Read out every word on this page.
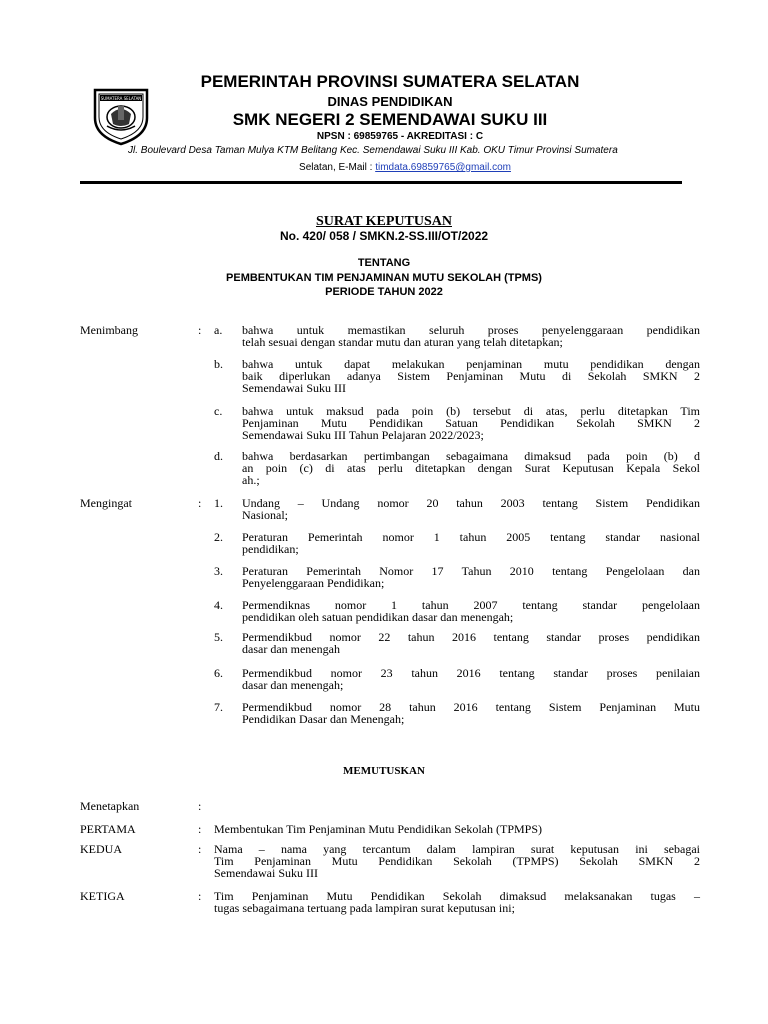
SUMATERA SELATAN
PEMERINTAH PROVINSI SUMATERA SELATAN
DINAS PENDIDIKAN
SMK NEGERI 2 SEMENDAWAI SUKU III
NPSN : 69859765 - AKREDITASI : C
Jl. Boulevard Desa Taman Mulya KTM Belitang Kec. Semendawai Suku III Kab. OKU Timur Provinsi Sumatera
Selatan, E-Mail : timdata.69859765@gmail.com
SURAT KEPUTUSAN
No. 420/ 058 / SMKN.2-SS.III/OT/2022
TENTANG
PEMBENTUKAN TIM PENJAMINAN MUTU SEKOLAH (TPMS)
PERIODE TAHUN 2022
Menimbang	: a. bahwa untuk memastikan seluruh proses penyelenggaraan pendidikan
telah sesuai dengan standar mutu dan aturan yang telah ditetapkan;
b. bahwa untuk dapat melakukan penjaminan mutu pendidikan dengan
baik diperlukan adanya Sistem Penjaminan Mutu di Sekolah SMKN 2
Semendawai Suku III
c. bahwa untuk maksud pada poin (b) tersebut di atas, perlu ditetapkan Tim
Penjaminan Mutu Pendidikan Satuan Pendidikan Sekolah SMKN 2
Semendawai Suku III Tahun Pelajaran 2022/2023;
d. bahwa berdasarkan pertimbangan sebagaimana dimaksud pada poin (b) d
an poin (c) di atas perlu ditetapkan dengan Surat Keputusan Kepala Sekol
ah.;
Mengingat	: 1. Undang – Undang nomor 20 tahun 2003 tentang Sistem Pendidikan
Nasional;
2. Peraturan Pemerintah nomor 1 tahun 2005 tentang standar nasional
pendidikan;
3. Peraturan Pemerintah Nomor 17 Tahun 2010 tentang Pengelolaan dan
Penyelenggaraan Pendidikan;
4. Permendiknas nomor 1 tahun 2007 tentang standar pengelolaan
pendidikan oleh satuan pendidikan dasar dan menengah;
5. Permendikbud nomor 22 tahun 2016 tentang standar proses pendidikan
dasar dan menengah
6. Permendikbud nomor 23 tahun 2016 tentang standar proses penilaian
dasar dan menengah;
7. Permendikbud nomor 28 tahun 2016 tentang Sistem Penjaminan Mutu
Pendidikan Dasar dan Menengah;
MEMUTUSKAN
Menetapkan	:
PERTAMA	: Membentukan Tim Penjaminan Mutu Pendidikan Sekolah (TPMPS)
KEDUA	: Nama – nama yang tercantum dalam lampiran surat keputusan ini sebagai
Tim Penjaminan Mutu Pendidikan Sekolah (TPMPS) Sekolah SMKN 2
Semendawai Suku III
KETIGA	: Tim Penjaminan Mutu Pendidikan Sekolah dimaksud melaksanakan tugas –
tugas sebagaimana tertuang pada lampiran surat keputusan ini;
